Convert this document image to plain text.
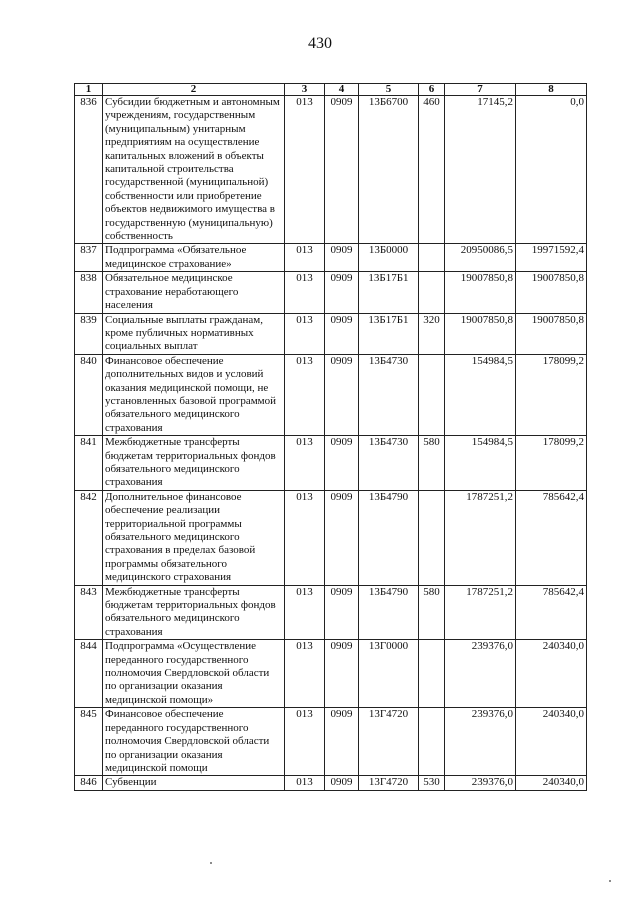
430
1	2	3	4	5	6	7	8
836	Субсидии бюджетным и автономным учреждениям, государственным (муниципальным) унитарным предприятиям на осуществление капитальных вложений в объекты капитальной строительства государственной (муниципальной) собственности или приобретение объектов недвижимого имущества в государственную (муниципальную) собственность	013	0909	13Б6700	460	17145,2	0,0
837	Подпрограмма «Обязательное медицинское страхование»	013	0909	13Б0000		20950086,5	19971592,4
838	Обязательное медицинское страхование неработающего населения	013	0909	13Б17Б1		19007850,8	19007850,8
839	Социальные выплаты гражданам, кроме публичных нормативных социальных выплат	013	0909	13Б17Б1	320	19007850,8	19007850,8
840	Финансовое обеспечение дополнительных видов и условий оказания медицинской помощи, не установленных базовой программой обязательного медицинского страхования	013	0909	13Б4730		154984,5	178099,2
841	Межбюджетные трансферты бюджетам территориальных фондов обязательного медицинского страхования	013	0909	13Б4730	580	154984,5	178099,2
842	Дополнительное финансовое обеспечение реализации территориальной программы обязательного медицинского страхования в пределах базовой программы обязательного медицинского страхования	013	0909	13Б4790		1787251,2	785642,4
843	Межбюджетные трансферты бюджетам территориальных фондов обязательного медицинского страхования	013	0909	13Б4790	580	1787251,2	785642,4
844	Подпрограмма «Осуществление переданного государственного полномочия Свердловской области по организации оказания медицинской помощи»	013	0909	13Г0000		239376,0	240340,0
845	Финансовое обеспечение переданного государственного полномочия Свердловской области по организации оказания медицинской помощи	013	0909	13Г4720		239376,0	240340,0
846	Субвенции	013	0909	13Г4720	530	239376,0	240340,0
